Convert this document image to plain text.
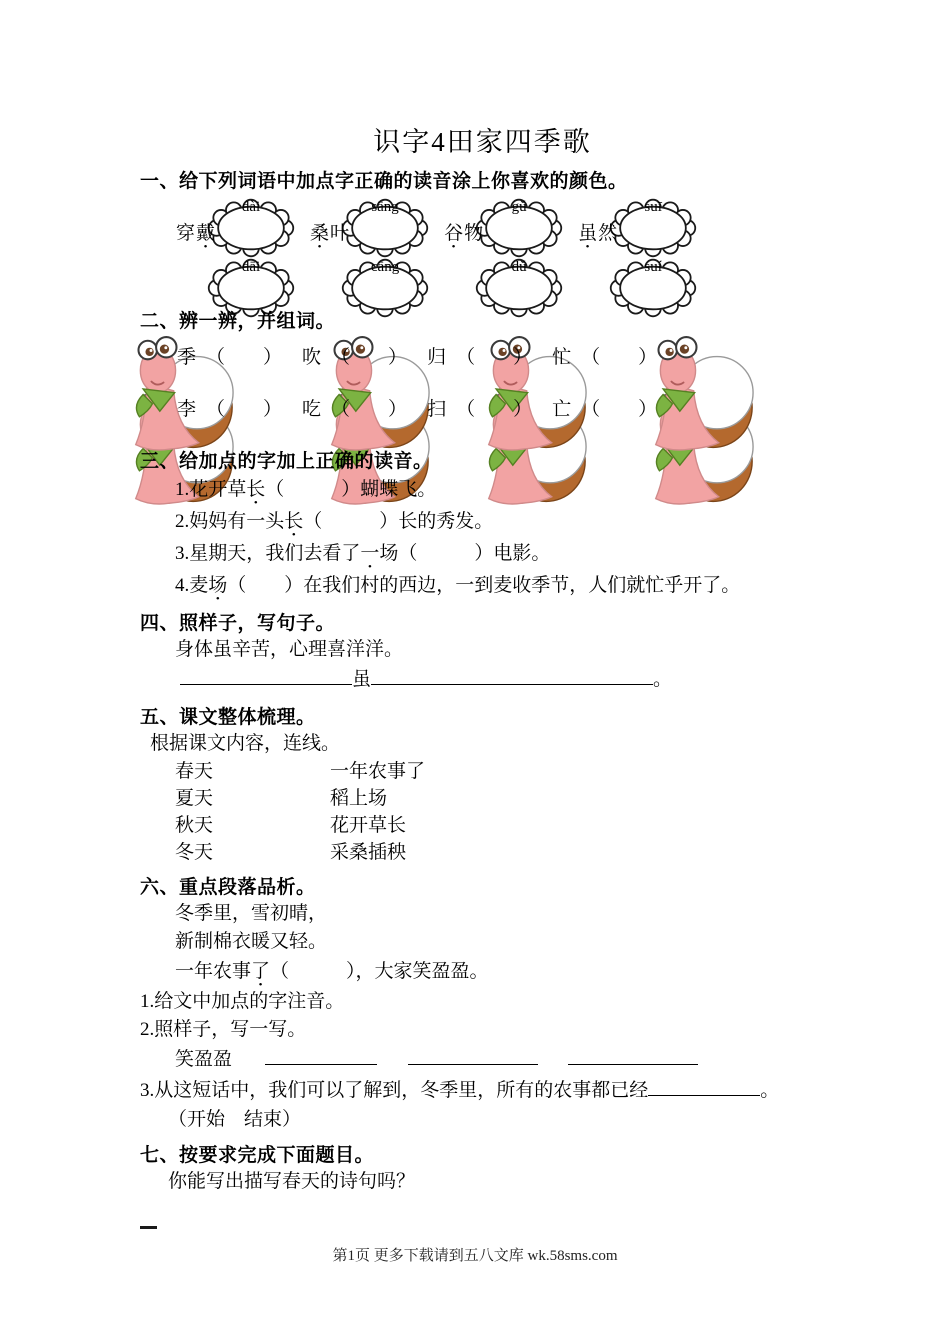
识字4田家四季歌
一、给下列词语中加点字正确的读音涂上你喜欢的颜色。
穿戴
dài
dāi
桑叶
sāng
cāng
谷物
gǔ
dǔ
虽然
suī
suí
二、辨一辨，并组词。
季 （　　） 吹 （　　） 归 （　　） 忙 （　　）
李 （　　） 吃 （　　） 扫 （　　） 亡 （　　）
三、给加点的字加上正确的读音。
1.花开草长（　　　）蝴蝶飞。
2.妈妈有一头长（　　　）长的秀发。
3.星期天，我们去看了一场（　　　）电影。
4.麦场（　　）在我们村的西边，一到麦收季节，人们就忙乎开了。
四、照样子，写句子。
身体虽辛苦，心理喜洋洋。
虽	。
五、课文整体梳理。
根据课文内容，连线。
春天
夏天
秋天
冬天
一年农事了
稻上场
花开草长
采桑插秧
六、重点段落品析。
冬季里，雪初晴，
新制棉衣暖又轻。
一年农事了（　　　），大家笑盈盈。
1.给文中加点的字注音。
2.照样子，写一写。
笑盈盈
3.从这短话中，我们可以了解到，冬季里，所有的农事都已经	。
（开始　结束）
七、按要求完成下面题目。
你能写出描写春天的诗句吗？
第1页 更多下载请到五八文库 wk.58sms.com
